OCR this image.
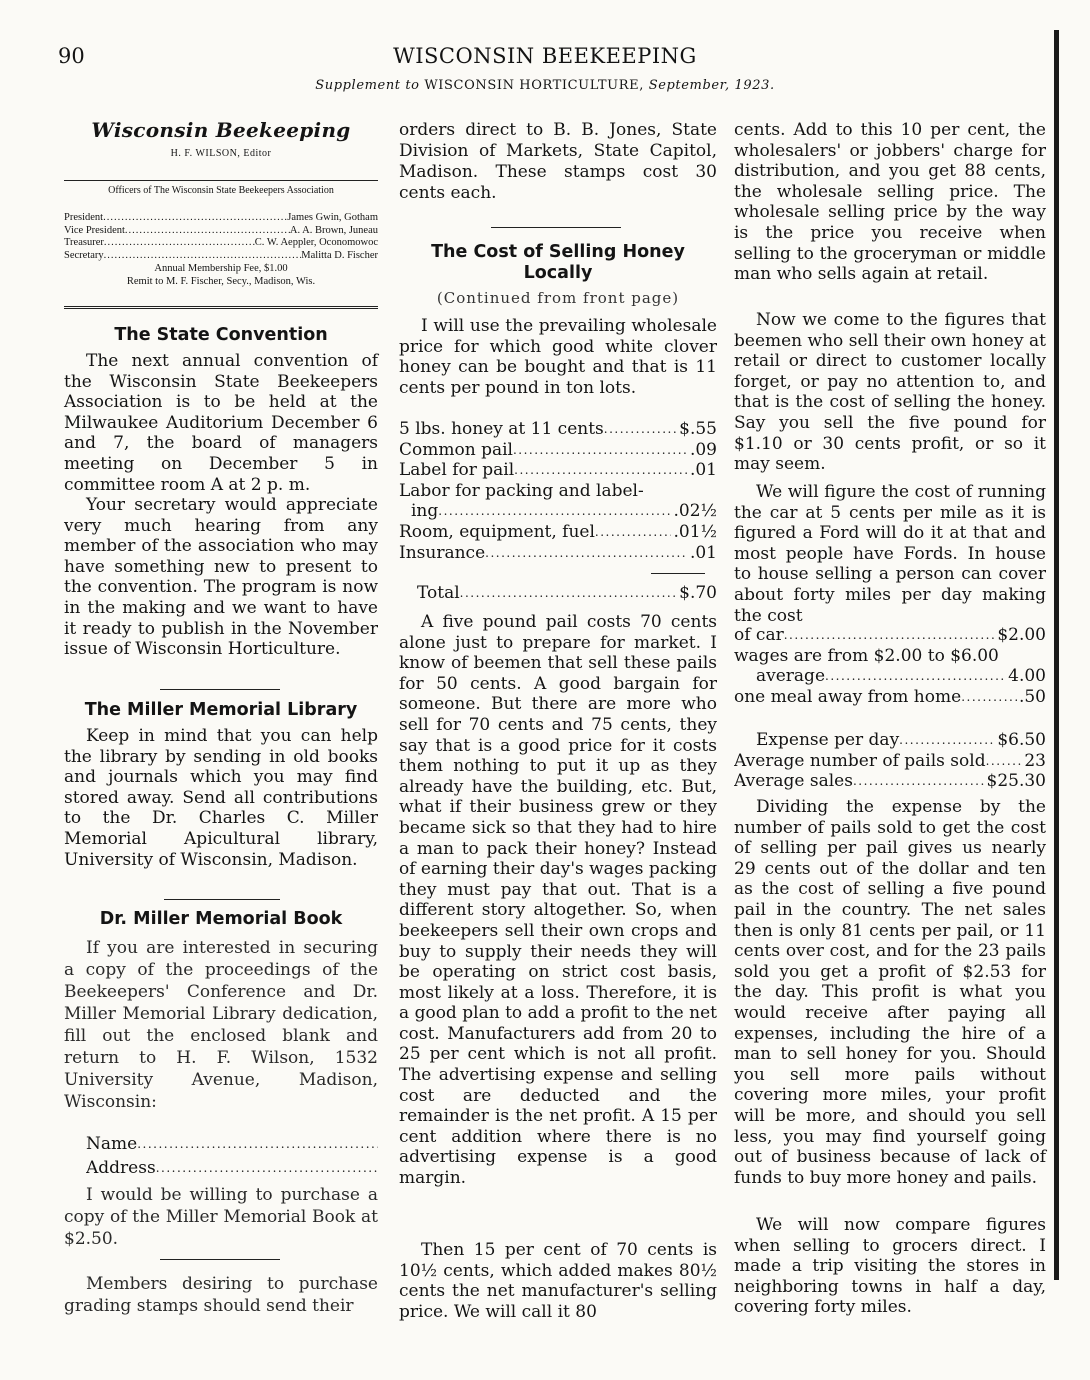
90	WISCONSIN BEEKEEPING
Supplement to WISCONSIN HORTICULTURE, September, 1923.
Wisconsin Beekeeping
H. F. WILSON, Editor
Officers of The Wisconsin State Beekeepers Association
President .....	James Gwin, Gotham
Vice President .....	A. A. Brown, Juneau
Treasurer .....	C. W. Aeppler, Oconomowoc
Secretary .....	Malitta D. Fischer
Annual Membership Fee, $1.00
Remit to M. F. Fischer, Secy., Madison, Wis.
The State Convention
The next annual convention of the Wisconsin State Beekeepers Association is to be held at the Milwaukee Auditorium December 6 and 7, the board of managers meeting on December 5 in committee room A at 2 p. m.
Your secretary would appreciate very much hearing from any member of the association who may have something new to present to the convention. The program is now in the making and we want to have it ready to publish in the November issue of Wisconsin Horticulture.
The Miller Memorial Library
Keep in mind that you can help the library by sending in old books and journals which you may find stored away. Send all contributions to the Dr. Charles C. Miller Memorial Apicultural library, University of Wisconsin, Madison.
Dr. Miller Memorial Book
If you are interested in securing a copy of the proceedings of the Beekeepers' Conference and Dr. Miller Memorial Library dedication, fill out the enclosed blank and return to H. F. Wilson, 1532 University Avenue, Madison, Wisconsin:
Name
.....
Address
.....
I would be willing to purchase a copy of the Miller Memorial Book at $2.50.
Members desiring to purchase grading stamps should send their
orders direct to B. B. Jones, State Division of Markets, State Capitol, Madison. These stamps cost 30 cents each.
The Cost of Selling Honey Locally
(Continued from front page)
I will use the prevailing wholesale price for which good white clover honey can be bought and that is 11 cents per pound in ton lots.
5 lbs. honey at 11 cents .....	$.55
Common pail .....	.09
Label for pail .....	.01
Labor for packing and label-
ing .....	.02½
Room, equipment, fuel .....	.01½
Insurance .....	.01
Total .....	$.70
A five pound pail costs 70 cents alone just to prepare for market. I know of beemen that sell these pails for 50 cents. A good bargain for someone. But there are more who sell for 70 cents and 75 cents, they say that is a good price for it costs them nothing to put it up as they already have the building, etc. But, what if their business grew or they became sick so that they had to hire a man to pack their honey? Instead of earning their day's wages packing they must pay that out. That is a different story altogether. So, when beekeepers sell their own crops and buy to supply their needs they will be operating on strict cost basis, most likely at a loss. Therefore, it is a good plan to add a profit to the net cost. Manufacturers add from 20 to 25 per cent which is not all profit. The advertising expense and selling cost are deducted and the remainder is the net profit. A 15 per cent addition where there is no advertising expense is a good margin.
Then 15 per cent of 70 cents is 10½ cents, which added makes 80½ cents the net manufacturer's selling price. We will call it 80
cents. Add to this 10 per cent, the wholesalers' or jobbers' charge for distribution, and you get 88 cents, the wholesale selling price. The wholesale selling price by the way is the price you receive when selling to the groceryman or middle man who sells again at retail.
Now we come to the figures that beemen who sell their own honey at retail or direct to customer locally forget, or pay no attention to, and that is the cost of selling the honey. Say you sell the five pound for $1.10 or 30 cents profit, or so it may seem.
We will figure the cost of running the car at 5 cents per mile as it is figured a Ford will do it at that and most people have Fords. In house to house selling a person can cover about forty miles per day making the cost
of car .....	$2.00
wages are from $2.00 to $6.00
average .....	4.00
one meal away from home .....	.50
Expense per day .....	$6.50
Average number of pails sold ..... 23
Average sales .....	$25.30
Dividing the expense by the number of pails sold to get the cost of selling per pail gives us nearly 29 cents out of the dollar and ten as the cost of selling a five pound pail in the country. The net sales then is only 81 cents per pail, or 11 cents over cost, and for the 23 pails sold you get a profit of $2.53 for the day. This profit is what you would receive after paying all expenses, including the hire of a man to sell honey for you. Should you sell more pails without covering more miles, your profit will be more, and should you sell less, you may find yourself going out of business because of lack of funds to buy more honey and pails.
We will now compare figures when selling to grocers direct. I made a trip visiting the stores in neighboring towns in half a day, covering forty miles.
